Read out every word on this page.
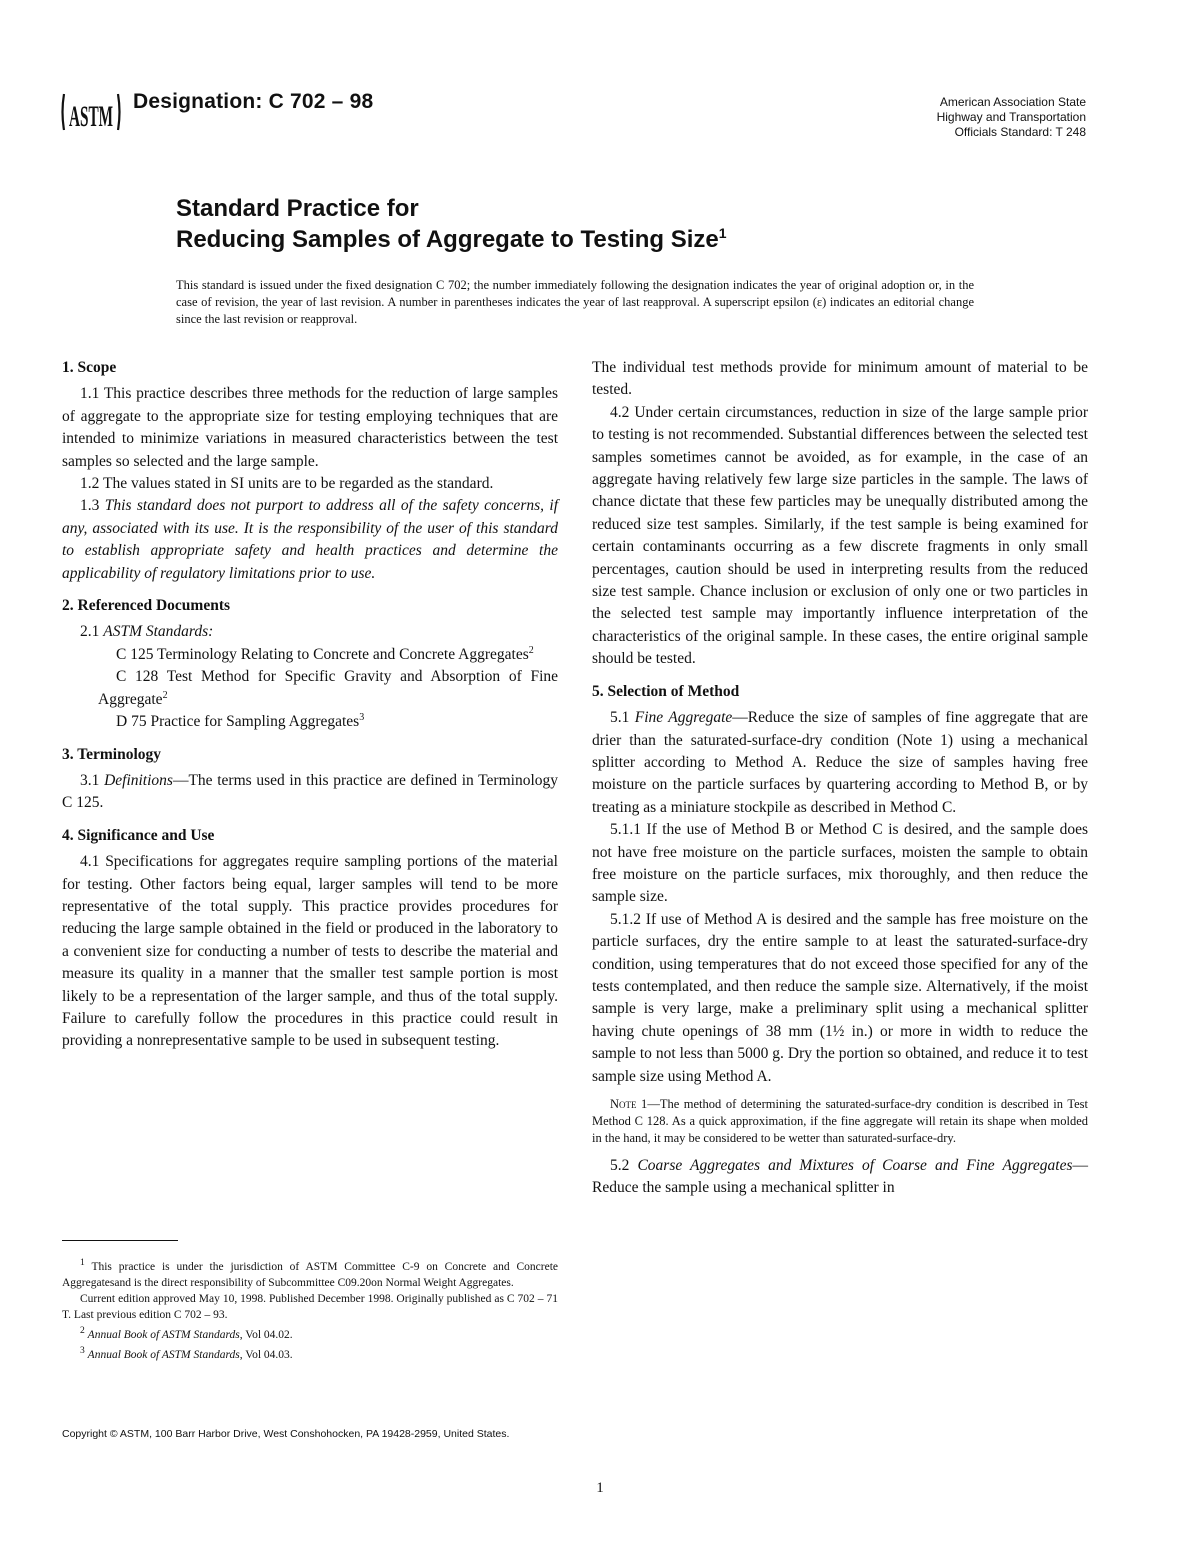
ASTM Designation: C 702 – 98	American Association State
Highway and Transportation
Officials Standard: T 248
Standard Practice for
Reducing Samples of Aggregate to Testing Size$^1$
This standard is issued under the fixed designation C 702; the number immediately following the designation indicates the year of original adoption or, in the case of revision, the year of last revision. A number in parentheses indicates the year of last reapproval. A superscript epsilon (ε) indicates an editorial change since the last revision or reapproval.
1. Scope

1.1 This practice describes three methods for the reduction of large samples of aggregate to the appropriate size for testing employing techniques that are intended to minimize variations in measured characteristics between the test samples so selected and the large sample.

1.2 The values stated in SI units are to be regarded as the standard.

1.3 This standard does not purport to address all of the safety concerns, if any, associated with its use. It is the responsibility of the user of this standard to establish appropriate safety and health practices and determine the applicability of regulatory limitations prior to use.

2. Referenced Documents

2.1 ASTM Standards:

C 125 Terminology Relating to Concrete and Concrete Aggregates$^2$

C 128 Test Method for Specific Gravity and Absorption of Fine Aggregate$^2$

D 75 Practice for Sampling Aggregates$^3$

3. Terminology

3.1 Definitions—The terms used in this practice are defined in Terminology C 125.

4. Significance and Use

4.1 Specifications for aggregates require sampling portions of the material for testing. Other factors being equal, larger samples will tend to be more representative of the total supply. This practice provides procedures for reducing the large sample obtained in the field or produced in the laboratory to a convenient size for conducting a number of tests to describe the material and measure its quality in a manner that the smaller test sample portion is most likely to be a representation of the larger sample, and thus of the total supply. Failure to carefully follow the procedures in this practice could result in providing a nonrepresentative sample to be used in subsequent testing.

The individual test methods provide for minimum amount of material to be tested.

4.2 Under certain circumstances, reduction in size of the large sample prior to testing is not recommended. Substantial differences between the selected test samples sometimes cannot be avoided, as for example, in the case of an aggregate having relatively few large size particles in the sample. The laws of chance dictate that these few particles may be unequally distributed among the reduced size test samples. Similarly, if the test sample is being examined for certain contaminants occurring as a few discrete fragments in only small percentages, caution should be used in interpreting results from the reduced size test sample. Chance inclusion or exclusion of only one or two particles in the selected test sample may importantly influence interpretation of the characteristics of the original sample. In these cases, the entire original sample should be tested.

5. Selection of Method

5.1 Fine Aggregate—Reduce the size of samples of fine aggregate that are drier than the saturated-surface-dry condition (Note 1) using a mechanical splitter according to Method A. Reduce the size of samples having free moisture on the particle surfaces by quartering according to Method B, or by treating as a miniature stockpile as described in Method C.

5.1.1 If the use of Method B or Method C is desired, and the sample does not have free moisture on the particle surfaces, moisten the sample to obtain free moisture on the particle surfaces, mix thoroughly, and then reduce the sample size.

5.1.2 If use of Method A is desired and the sample has free moisture on the particle surfaces, dry the entire sample to at least the saturated-surface-dry condition, using temperatures that do not exceed those specified for any of the tests contemplated, and then reduce the sample size. Alternatively, if the moist sample is very large, make a preliminary split using a mechanical splitter having chute openings of 38 mm (1½ in.) or more in width to reduce the sample to not less than 5000 g. Dry the portion so obtained, and reduce it to test sample size using Method A.

Note 1—The method of determining the saturated-surface-dry condition is described in Test Method C 128. As a quick approximation, if the fine aggregate will retain its shape when molded in the hand, it may be considered to be wetter than saturated-surface-dry.

5.2 Coarse Aggregates and Mixtures of Coarse and Fine Aggregates—Reduce the sample using a mechanical splitter in

$^1$ This practice is under the jurisdiction of ASTM Committee C-9 on Concrete and Concrete Aggregatesand is the direct responsibility of Subcommittee C09.20on Normal Weight Aggregates.

Current edition approved May 10, 1998. Published December 1998. Originally published as C 702 – 71 T. Last previous edition C 702 – 93.

$^2$ Annual Book of ASTM Standards, Vol 04.02.

$^3$ Annual Book of ASTM Standards, Vol 04.03.

Copyright © ASTM, 100 Barr Harbor Drive, West Conshohocken, PA 19428-2959, United States.
1
